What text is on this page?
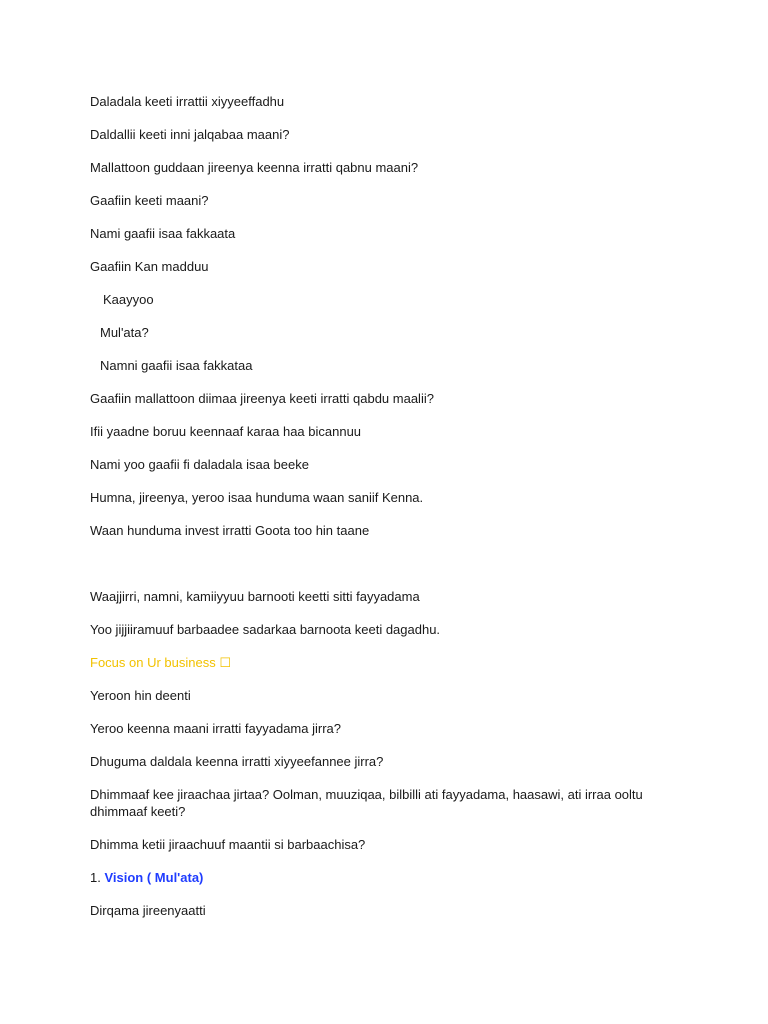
Daladala keeti irrattii xiyyeeffadhu

Daldallii keeti inni jalqabaa maani?

Mallattoon guddaan jireenya keenna irratti qabnu maani?

Gaafiin keeti maani?

Nami gaafii isaa fakkaata

Gaafiin Kan madduu

Kaayyoo

Mul'ata?

Namni gaafii isaa fakkataa

Gaafiin mallattoon diimaa jireenya keeti irratti qabdu maalii?

Ifii yaadne boruu keennaaf karaa haa bicannuu

Nami yoo gaafii fi daladala isaa beeke

Humna, jireenya, yeroo isaa hunduma waan saniif Kenna.

Waan hunduma invest irratti Goota too hin taane

Waajjirri, namni, kamiiyyuu barnooti keetti sitti fayyadama

Yoo jijjiiramuuf barbaadee sadarkaa barnoota keeti dagadhu.

Focus on Ur business ☐

Yeroon hin deenti

Yeroo keenna maani irratti fayyadama jirra?

Dhuguma daldala keenna irratti xiyyeefannee jirra?

Dhimmaaf kee jiraachaa jirtaa? Oolman, muuziqaa, bilbilli ati fayyadama, haasawi, ati irraa ooltu dhimmaaf keeti?

Dhimma ketii jiraachuuf maantii si barbaachisa?

1. Vision ( Mul'ata)

Dirqama jireenyaatti
